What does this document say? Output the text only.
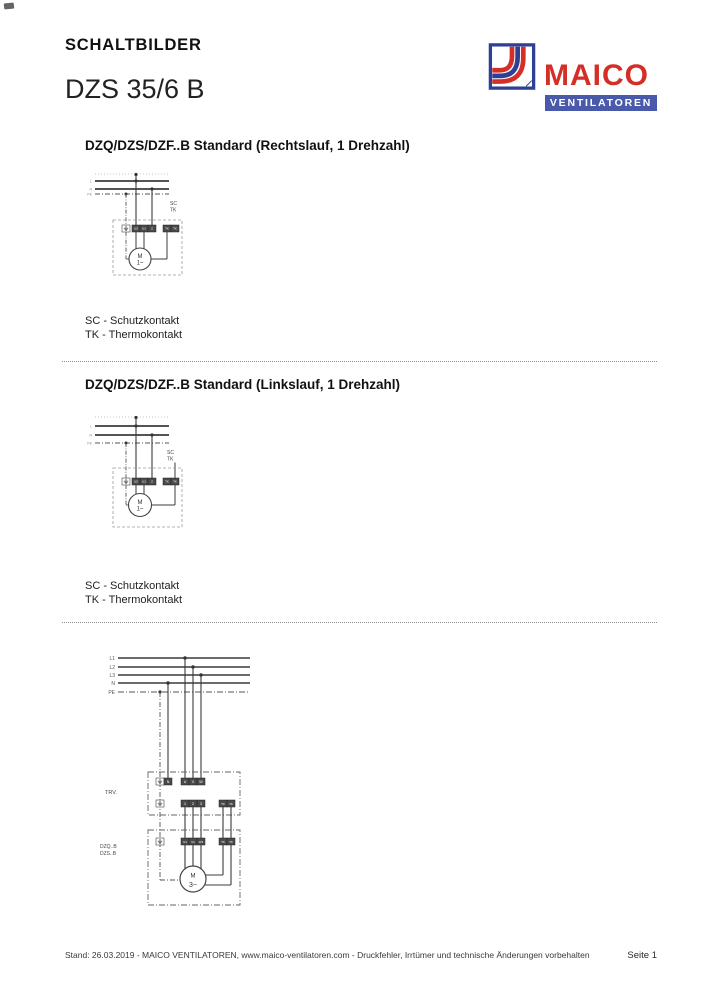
SCHALTBILDER
MAICO
VENTILATOREN
DZS 35/6 B
DZQ/DZS/DZF..B Standard (Rechtslauf, 1 Drehzahl)
L
N
PE
SC
TK
U2 U1 Z	TK TK
M
1~
SC - Schutzkontakt
TK - Thermokontakt
DZQ/DZS/DZF..B Standard (Linkslauf, 1 Drehzahl)
L
N
PE
SC
TK
U2 U1 Z	TK TK
M
1~
SC - Schutzkontakt
TK - Thermokontakt
L1
L2
L3
N
PE
TRV.
N	U V W
1 2 3	TK TK
DZQ..B
DZS..B
U1 V1 W1	TK TK
M
3~
Stand: 26.03.2019 - MAICO VENTILATOREN, www.maico-ventilatoren.com - Druckfehler, Irrtümer und technische Änderungen vorbehalten	Seite 1
